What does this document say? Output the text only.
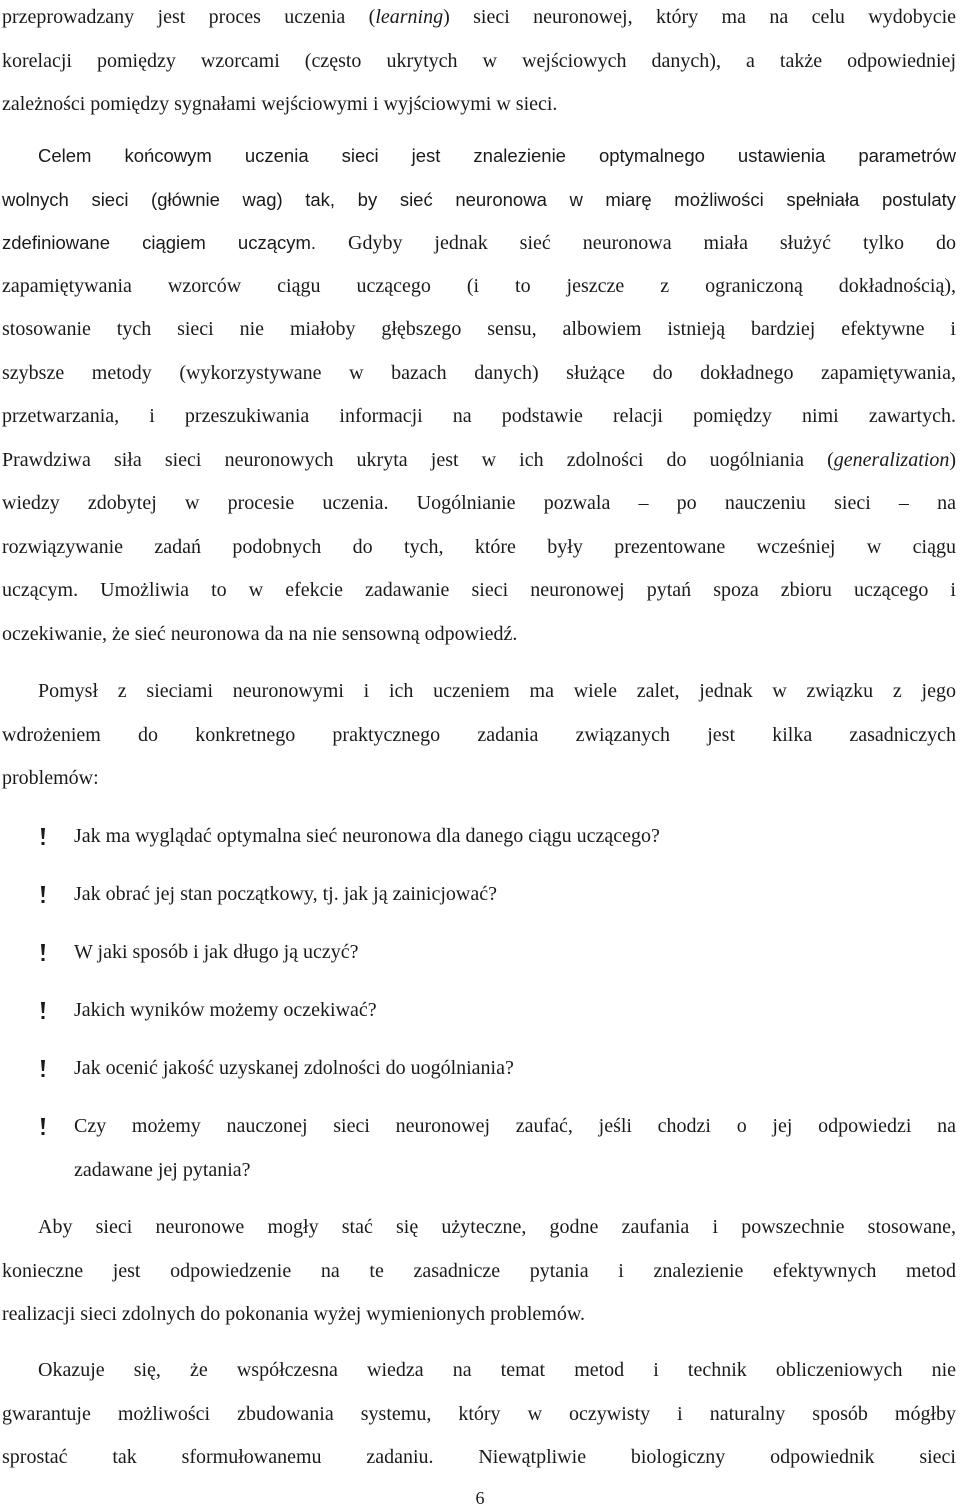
przeprowadzany jest proces uczenia (learning) sieci neuronowej, który ma na celu wydobycie
korelacji pomiędzy wzorcami (często ukrytych w wejściowych danych), a także odpowiedniej
zależności pomiędzy sygnałami wejściowymi i wyjściowymi w sieci.
Celem końcowym uczenia sieci jest znalezienie optymalnego ustawienia parametrów
wolnych sieci (głównie wag) tak, by sieć neuronowa w miarę możliwości spełniała postulaty
zdefiniowane ciągiem uczącym. Gdyby jednak sieć neuronowa miała służyć tylko do
zapamiętywania wzorców ciągu uczącego (i to jeszcze z ograniczoną dokładnością),
stosowanie tych sieci nie miałoby głębszego sensu, albowiem istnieją bardziej efektywne i
szybsze metody (wykorzystywane w bazach danych) służące do dokładnego zapamiętywania,
przetwarzania, i przeszukiwania informacji na podstawie relacji pomiędzy nimi zawartych.
Prawdziwa siła sieci neuronowych ukryta jest w ich zdolności do uogólniania (generalization)
wiedzy zdobytej w procesie uczenia. Uogólnianie pozwala – po nauczeniu sieci – na
rozwiązywanie zadań podobnych do tych, które były prezentowane wcześniej w ciągu
uczącym. Umożliwia to w efekcie zadawanie sieci neuronowej pytań spoza zbioru uczącego i
oczekiwanie, że sieć neuronowa da na nie sensowną odpowiedź.
Pomysł z sieciami neuronowymi i ich uczeniem ma wiele zalet, jednak w związku z jego
wdrożeniem do konkretnego praktycznego zadania związanych jest kilka zasadniczych
problemów:
Jak ma wyglądać optymalna sieć neuronowa dla danego ciągu uczącego?
Jak obrać jej stan początkowy, tj. jak ją zainicjować?
W jaki sposób i jak długo ją uczyć?
Jakich wyników możemy oczekiwać?
Jak ocenić jakość uzyskanej zdolności do uogólniania?
Czy możemy nauczonej sieci neuronowej zaufać, jeśli chodzi o jej odpowiedzi na
zadawane jej pytania?
Aby sieci neuronowe mogły stać się użyteczne, godne zaufania i powszechnie stosowane,
konieczne jest odpowiedzenie na te zasadnicze pytania i znalezienie efektywnych metod
realizacji sieci zdolnych do pokonania wyżej wymienionych problemów.
Okazuje się, że współczesna wiedza na temat metod i technik obliczeniowych nie
gwarantuje możliwości zbudowania systemu, który w oczywisty i naturalny sposób mógłby
sprostać tak sformułowanemu zadaniu. Niewątpliwie biologiczny odpowiednik sieci
6
